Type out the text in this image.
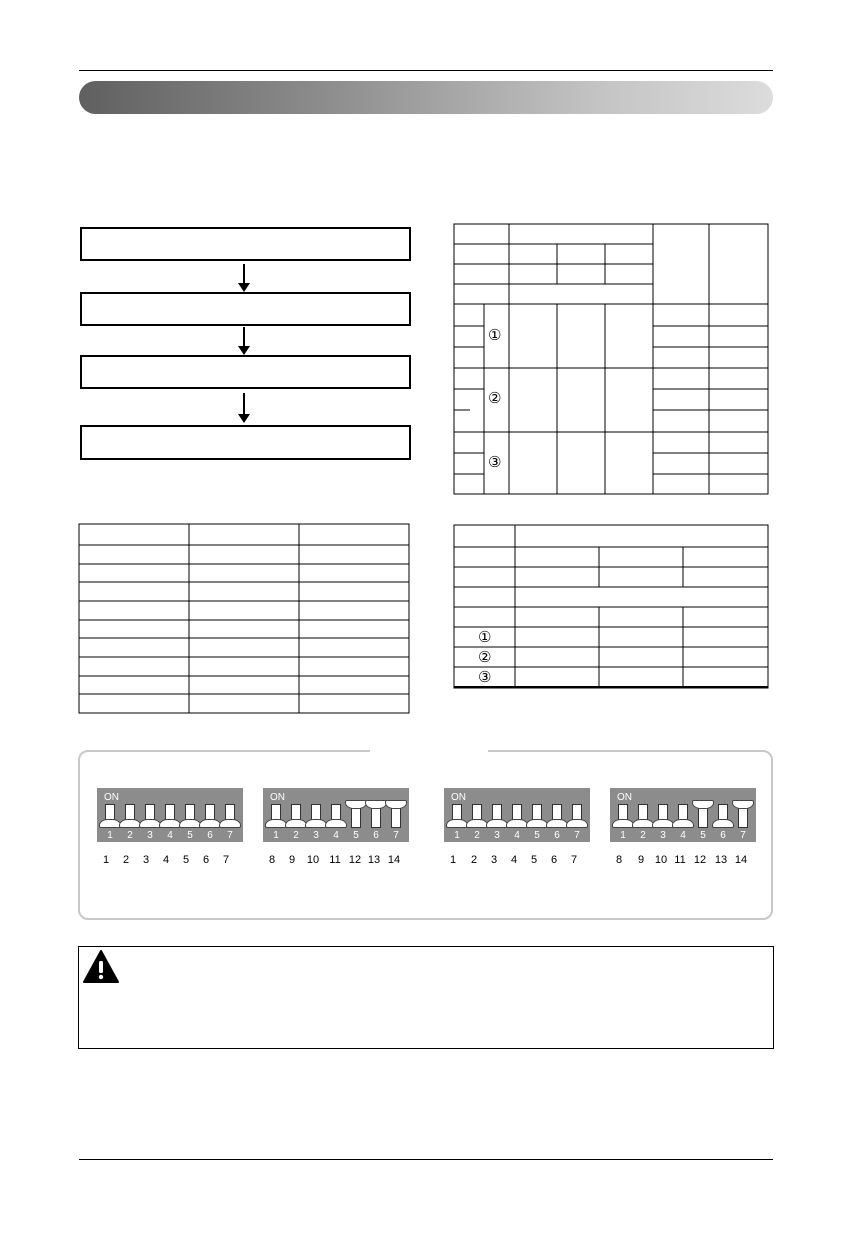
①
②
③
①
②
③
ON
1	2	3	4	5	6	7
1	2	3	4	5	6	7
ON
1	2	3	4	5	6	7
8	9	10 11 12 13 14
ON
1	2	3	4	5	6	7
1	2	3	4	5	6	7
ON
1	2	3	4	5	6	7
8	9 10 11 12 13 14
